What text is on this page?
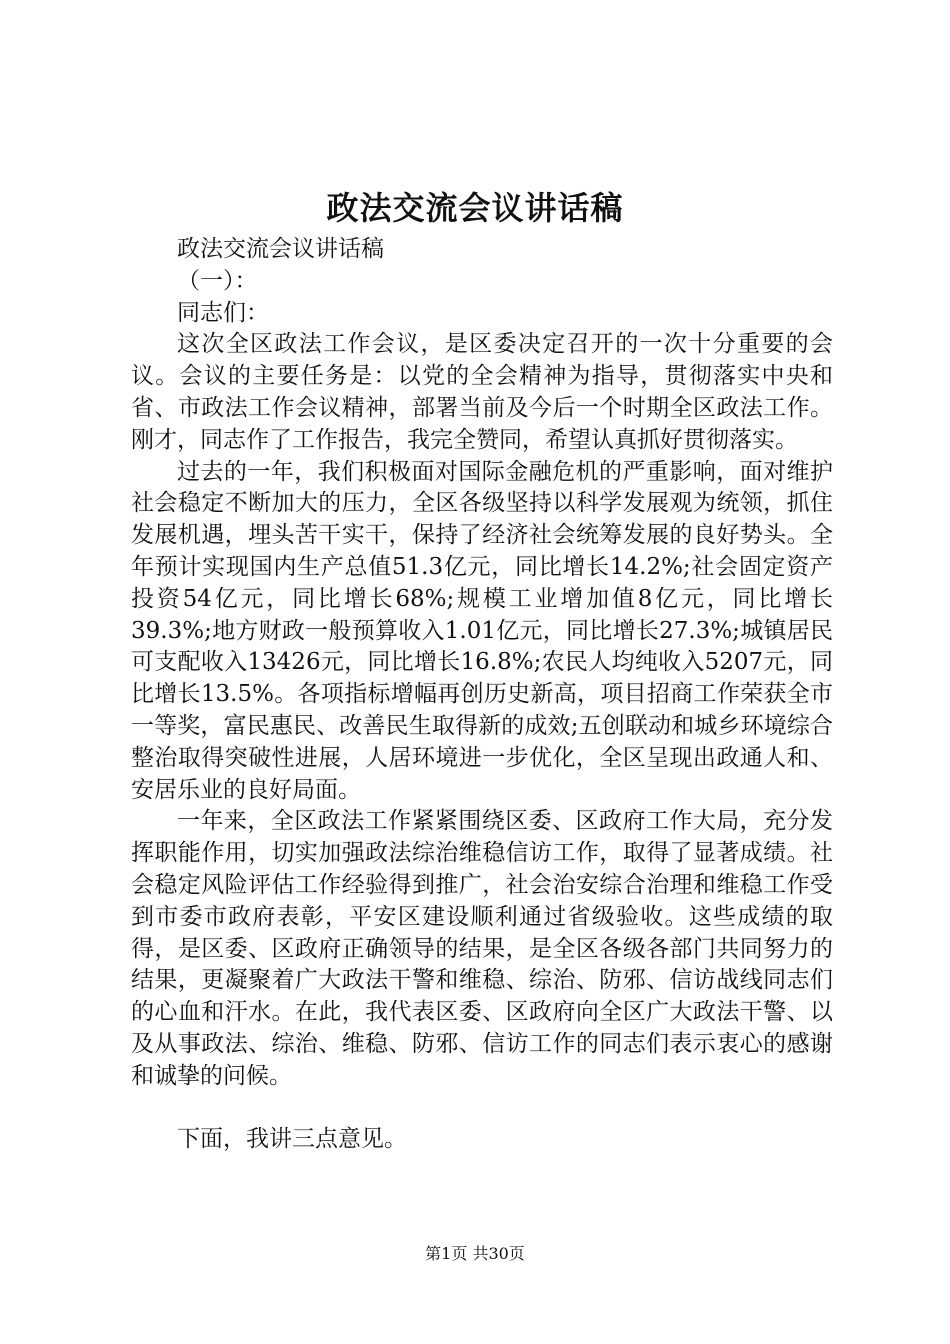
政法交流会议讲话稿

政法交流会议讲话稿

（一）：

同志们：

这次全区政法工作会议，是区委决定召开的一次十分重要的会议。会议的主要任务是：以党的全会精神为指导，贯彻落实中央和省、市政法工作会议精神，部署当前及今后一个时期全区政法工作。刚才，同志作了工作报告，我完全赞同，希望认真抓好贯彻落实。

过去的一年，我们积极面对国际金融危机的严重影响，面对维护社会稳定不断加大的压力，全区各级坚持以科学发展观为统领，抓住发展机遇，埋头苦干实干，保持了经济社会统筹发展的良好势头。全年预计实现国内生产总值51.3亿元，同比增长14.2%;社会固定资产投资54亿元，同比增长68%;规模工业增加值8亿元，同比增长39.3%;地方财政一般预算收入1.01亿元，同比增长27.3%;城镇居民可支配收入13426元，同比增长16.8%;农民人均纯收入5207元，同比增长13.5%。各项指标增幅再创历史新高，项目招商工作荣获全市一等奖，富民惠民、改善民生取得新的成效;五创联动和城乡环境综合整治取得突破性进展，人居环境进一步优化，全区呈现出政通人和、安居乐业的良好局面。

一年来，全区政法工作紧紧围绕区委、区政府工作大局，充分发挥职能作用，切实加强政法综治维稳信访工作，取得了显著成绩。社会稳定风险评估工作经验得到推广，社会治安综合治理和维稳工作受到市委市政府表彰，平安区建设顺利通过省级验收。这些成绩的取得，是区委、区政府正确领导的结果，是全区各级各部门共同努力的结果，更凝聚着广大政法干警和维稳、综治、防邪、信访战线同志们的心血和汗水。在此，我代表区委、区政府向全区广大政法干警、以及从事政法、综治、维稳、防邪、信访工作的同志们表示衷心的感谢和诚挚的问候。

下面，我讲三点意见。

第1页 共30页
